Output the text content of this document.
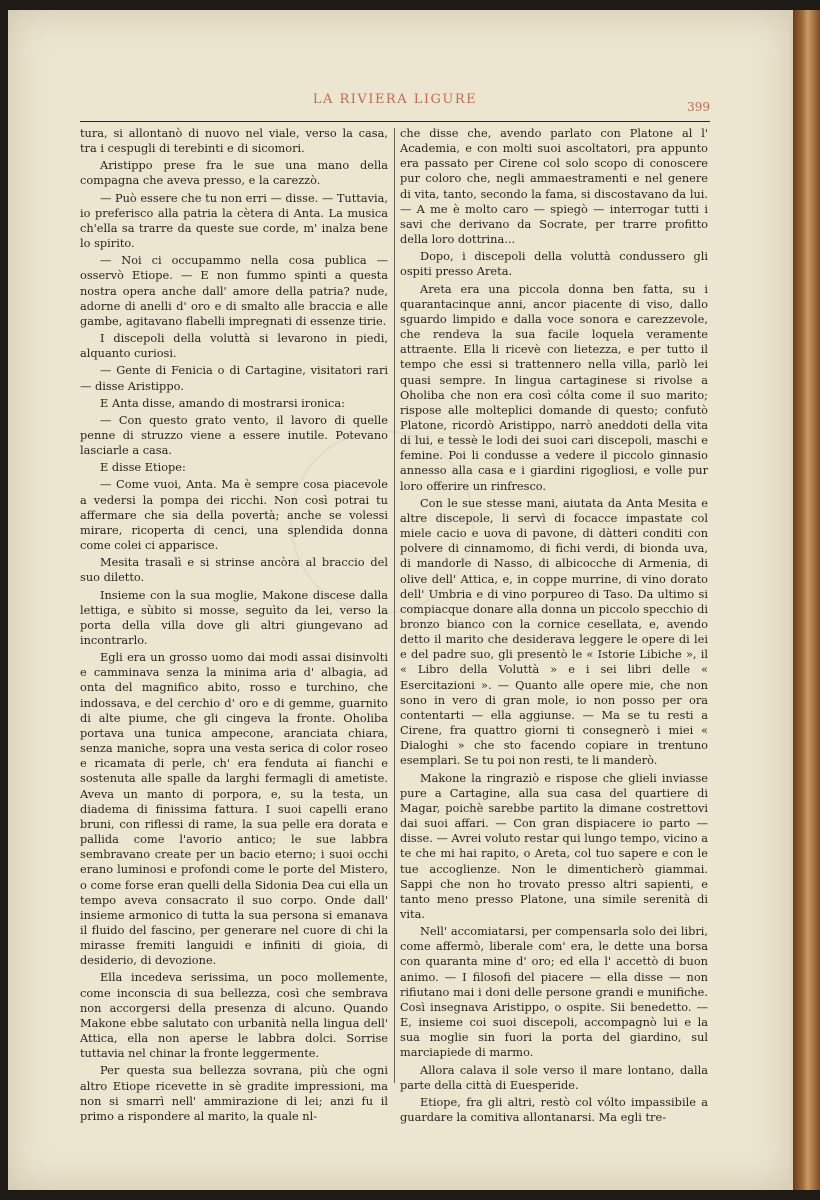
LA RIVIERA LIGURE	399

tura, si allontanò di nuovo nel viale, verso la casa, tra i cespugli di terebinti e di sicomori.

Aristippo prese fra le sue una mano della compagna che aveva presso, e la carezzò.

— Può essere che tu non erri — disse. — Tuttavia, io preferisco alla patria la cètera di Anta. La musica ch'ella sa trarre da queste sue corde, m' inalza bene lo spirito.

— Noi ci occupammo nella cosa publica — osservò Etiope. — E non fummo spinti a questa nostra opera anche dall' amore della patria? nude, adorne di anelli d' oro e di smalto alle braccia e alle gambe, agitavano flabelli impregnati di essenze tirie.

I discepoli della voluttà si levarono in piedi, alquanto curiosi.

— Gente di Fenicia o di Cartagine, visitatori rari — disse Aristippo.

E Anta disse, amando di mostrarsi ironica:

— Con questo grato vento, il lavoro di quelle penne di struzzo viene a essere inutile. Potevano lasciarle a casa.

E disse Etiope:

— Come vuoi, Anta. Ma è sempre cosa piacevole a vedersi la pompa dei ricchi. Non così potrai tu affermare che sia della povertà; anche se volessi mirare, ricoperta di cenci, una splendida donna come colei ci apparisce.

Mesita trasalì e si strinse ancòra al braccio del suo diletto.

Insieme con la sua moglie, Makone discese dalla lettiga, e sùbito si mosse, seguìto da lei, verso la porta della villa dove gli altri giungevano ad incontrarlo.

Egli era un grosso uomo dai modi assai disinvolti e camminava senza la minima aria d' albagia, ad onta del magnifico abito, rosso e turchino, che indossava, e del cerchio d' oro e di gemme, guarnito di alte piume, che gli cingeva la fronte. Oholiba portava una tunica ampecone, aranciata chiara, senza maniche, sopra una vesta serica di color roseo e ricamata di perle, ch' era fenduta ai fianchi e sostenuta alle spalle da larghi fermagli di ametiste. Aveva un manto di porpora, e, su la testa, un diadema di finissima fattura. I suoi capelli erano bruni, con riflessi di rame, la sua pelle era dorata e pallida come l'avorio antico; le sue labbra sembravano create per un bacio eterno; i suoi occhi erano luminosi e profondi come le porte del Mistero, o come forse eran quelli della Sidonia Dea cui ella un tempo aveva consacrato il suo corpo. Onde dall' insieme armonico di tutta la sua persona si emanava il fluido del fascino, per generare nel cuore di chi la mirasse fremiti languidi e infiniti di gioia, di desiderio, di devozione.

Ella incedeva serissima, un poco mollemente, come inconscia di sua bellezza, così che sembrava non accorgersi della presenza di alcuno. Quando Makone ebbe salutato con urbanità nella lingua dell' Attica, ella non aperse le labbra dolci. Sorrise tuttavia nel chinar la fronte leggermente.

Per questa sua bellezza sovrana, più che ogni altro Etiope ricevette in sè gradite impressioni, ma non si smarrì nell' ammirazione di lei; anzi fu il primo a rispondere al marito, la quale nl-

che disse che, avendo parlato con Platone al l' Academia, e con molti suoi ascoltatori, pra appunto era passato per Cirene col solo scopo di conoscere pur coloro che, negli ammaestramenti e nel genere di vita, tanto, secondo la fama, si discostavano da lui. — A me è molto caro — spiegò — interrogar tutti i savi che derivano da Socrate, per trarre profitto della loro dottrina...

Dopo, i discepoli della voluttà condussero gli ospiti presso Areta.

Areta era una piccola donna ben fatta, su i quarantacinque anni, ancor piacente di viso, dallo sguardo limpido e dalla voce sonora e carezzevole, che rendeva la sua facile loquela veramente attraente. Ella li ricevè con lietezza, e per tutto il tempo che essi si trattennero nella villa, parlò lei quasi sempre. In lingua cartaginese si rivolse a Oholiba che non era così cólta come il suo marito; rispose alle molteplici domande di questo; confutò Platone, ricordò Aristippo, narrò aneddoti della vita di lui, e tessè le lodi dei suoi cari discepoli, maschi e femine. Poi li condusse a vedere il piccolo ginnasio annesso alla casa e i giardini rigogliosi, e volle pur loro offerire un rinfresco.

Con le sue stesse mani, aiutata da Anta Mesita e altre discepole, li servì di focacce impastate col miele cacio e uova di pavone, di dàtteri conditi con polvere di cinnamomo, di fichi verdi, di bionda uva, di mandorle di Nasso, di albicocche di Armenia, di olive dell' Attica, e, in coppe murrine, di vino dorato dell' Umbria e di vino porpureo di Taso. Da ultimo si compiacque donare alla donna un piccolo specchio di bronzo bianco con la cornice cesellata, e, avendo detto il marito che desiderava leggere le opere di lei e del padre suo, gli presentò le « Istorie Libiche », il « Libro della Voluttà » e i sei libri delle « Esercitazioni ». — Quanto alle opere mie, che non sono in vero di gran mole, io non posso per ora contentarti — ella aggiunse. — Ma se tu resti a Cirene, fra quattro giorni ti consegnerò i miei « Dialoghi » che sto facendo copiare in trentuno esemplari. Se tu poi non resti, te li manderò.

Makone la ringraziò e rispose che glieli inviasse pure a Cartagine, alla sua casa del quartiere di Magar, poichè sarebbe partito la dimane costrettovi dai suoi affari. — Con gran dispiacere io parto — disse. — Avrei voluto restar qui lungo tempo, vicino a te che mi hai rapito, o Areta, col tuo sapere e con le tue accoglienze. Non le dimenticherò giammai. Sappi che non ho trovato presso altri sapienti, e tanto meno presso Platone, una simile serenità di vita.

Nell' accomiatarsi, per compensarla solo dei libri, come affermò, liberale com' era, le dette una borsa con quaranta mine d' oro; ed ella l' accettò di buon animo. — I filosofi del piacere — ella disse — non rifiutano mai i doni delle persone grandi e munifiche. Così insegnava Aristippo, o ospite. Sii benedetto. — E, insieme coi suoi discepoli, accompagnò lui e la sua moglie sin fuori la porta del giardino, sul marciapiede di marmo.

Allora calava il sole verso il mare lontano, dalla parte della città di Euesperide.

Etiope, fra gli altri, restò col vólto impassibile a guardare la comitiva allontanarsi. Ma egli tre-
